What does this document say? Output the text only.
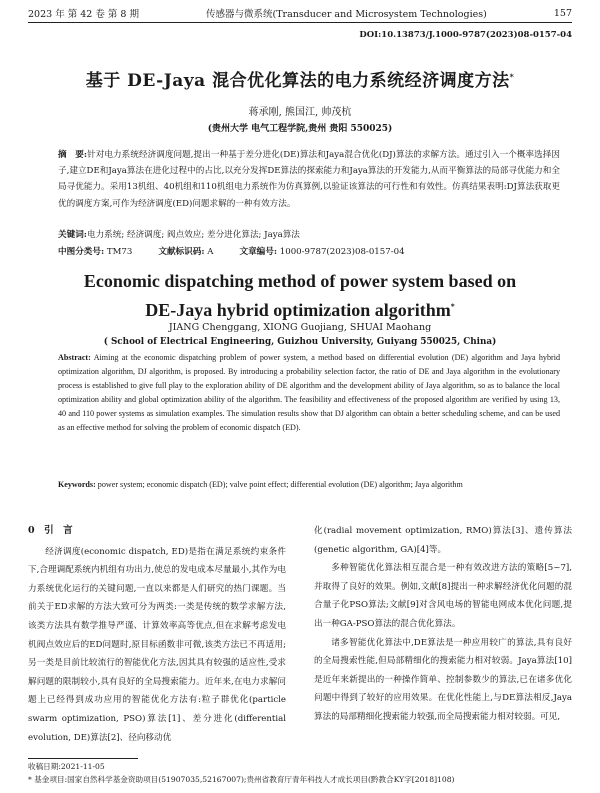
2023 年 第 42 卷 第 8 期	传感器与微系统(Transducer and Microsystem Technologies)	157
DOI:10.13873/J.1000-9787(2023)08-0157-04
基于 DE-Jaya 混合优化算法的电力系统经济调度方法*
蒋承刚, 熊国江, 帅茂杭
(贵州大学 电气工程学院,贵州 贵阳 550025)
摘　要:针对电力系统经济调度问题,提出一种基于差分进化(DE)算法和Jaya混合优化(DJ)算法的求解方法。通过引入一个概率选择因子,建立DE和Jaya算法在进化过程中的占比,以充分发挥DE算法的探索能力和Jaya算法的开发能力,从而平衡算法的局部寻优能力和全局寻优能力。采用13机组、40机组和110机组电力系统作为仿真算例,以验证该算法的可行性和有效性。仿真结果表明:DJ算法获取更优的调度方案,可作为经济调度(ED)问题求解的一种有效方法。
关键词:电力系统; 经济调度; 阀点效应; 差分进化算法; Jaya算法
中图分类号: TM73	文献标识码: A	文章编号: 1000-9787(2023)08-0157-04
Economic dispatching method of power system based on
DE-Jaya hybrid optimization algorithm*
JIANG Chenggang, XIONG Guojiang, SHUAI Maohang
( School of Electrical Engineering, Guizhou University, Guiyang 550025, China)
Abstract: Aiming at the economic dispatching problem of power system, a method based on differential evolution (DE) algorithm and Jaya hybrid optimization algorithm, DJ algorithm, is proposed. By introducing a probability selection factor, the ratio of DE and Jaya algorithm in the evolutionary process is established to give full play to the exploration ability of DE algorithm and the development ability of Jaya algorithm, so as to balance the local optimization ability and global optimization ability of the algorithm. The feasibility and effectiveness of the proposed algorithm are verified by using 13, 40 and 110 power systems as simulation examples. The simulation results show that DJ algorithm can obtain a better scheduling scheme, and can be used as an effective method for solving the problem of economic dispatch (ED).
Keywords: power system; economic dispatch (ED); valve point effect; differential evolution (DE) algorithm; Jaya algorithm
0　引　言

经济调度(economic dispatch, ED)是指在满足系统约束条件下,合理调配系统内机组有功出力,使总的发电成本尽量最小,其作为电力系统优化运行的关键问题,一直以来都是人们研究的热门课题。当前关于ED求解的方法大致可分为两类:一类是传统的数学求解方法,该类方法具有数学推导严谨、计算效率高等优点,但在求解考虑发电机阀点效应后的ED问题时,原目标函数非可微,该类方法已不再适用;另一类是目前比较流行的智能优化方法,因其具有较强的适应性,受求解问题的限制较小,具有良好的全局搜索能力。近年来,在电力求解问题上已经得到成功应用的智能优化方法有:粒子群优化(particle swarm optimization, PSO)算法[1]、差分进化(differential evolution, DE)算法[2]、径向移动优

化(radial movement optimization, RMO)算法[3]、遗传算法(genetic algorithm, GA)[4]等。

多种智能优化算法相互混合是一种有效改进方法的策略[5~7],并取得了良好的效果。例如,文献[8]提出一种求解经济优化问题的混合量子化PSO算法;文献[9]对含风电场的智能电网成本优化问题,提出一种GA-PSO算法的混合优化算法。

诸多智能优化算法中,DE算法是一种应用较广的算法,具有良好的全局搜索性能,但局部精细化的搜索能力相对较弱。Jaya算法[10]是近年来新提出的一种操作简单、控制参数少的算法,已在诸多优化问题中得到了较好的应用效果。在优化性能上,与DE算法相反,Jaya算法的局部精细化搜索能力较强,而全局搜索能力相对较弱。可见,

收稿日期:2021-11-05
* 基金项目:国家自然科学基金资助项目(51907035,52167007);贵州省教育厅青年科技人才成长项目(黔教合KY字[2018]108)
